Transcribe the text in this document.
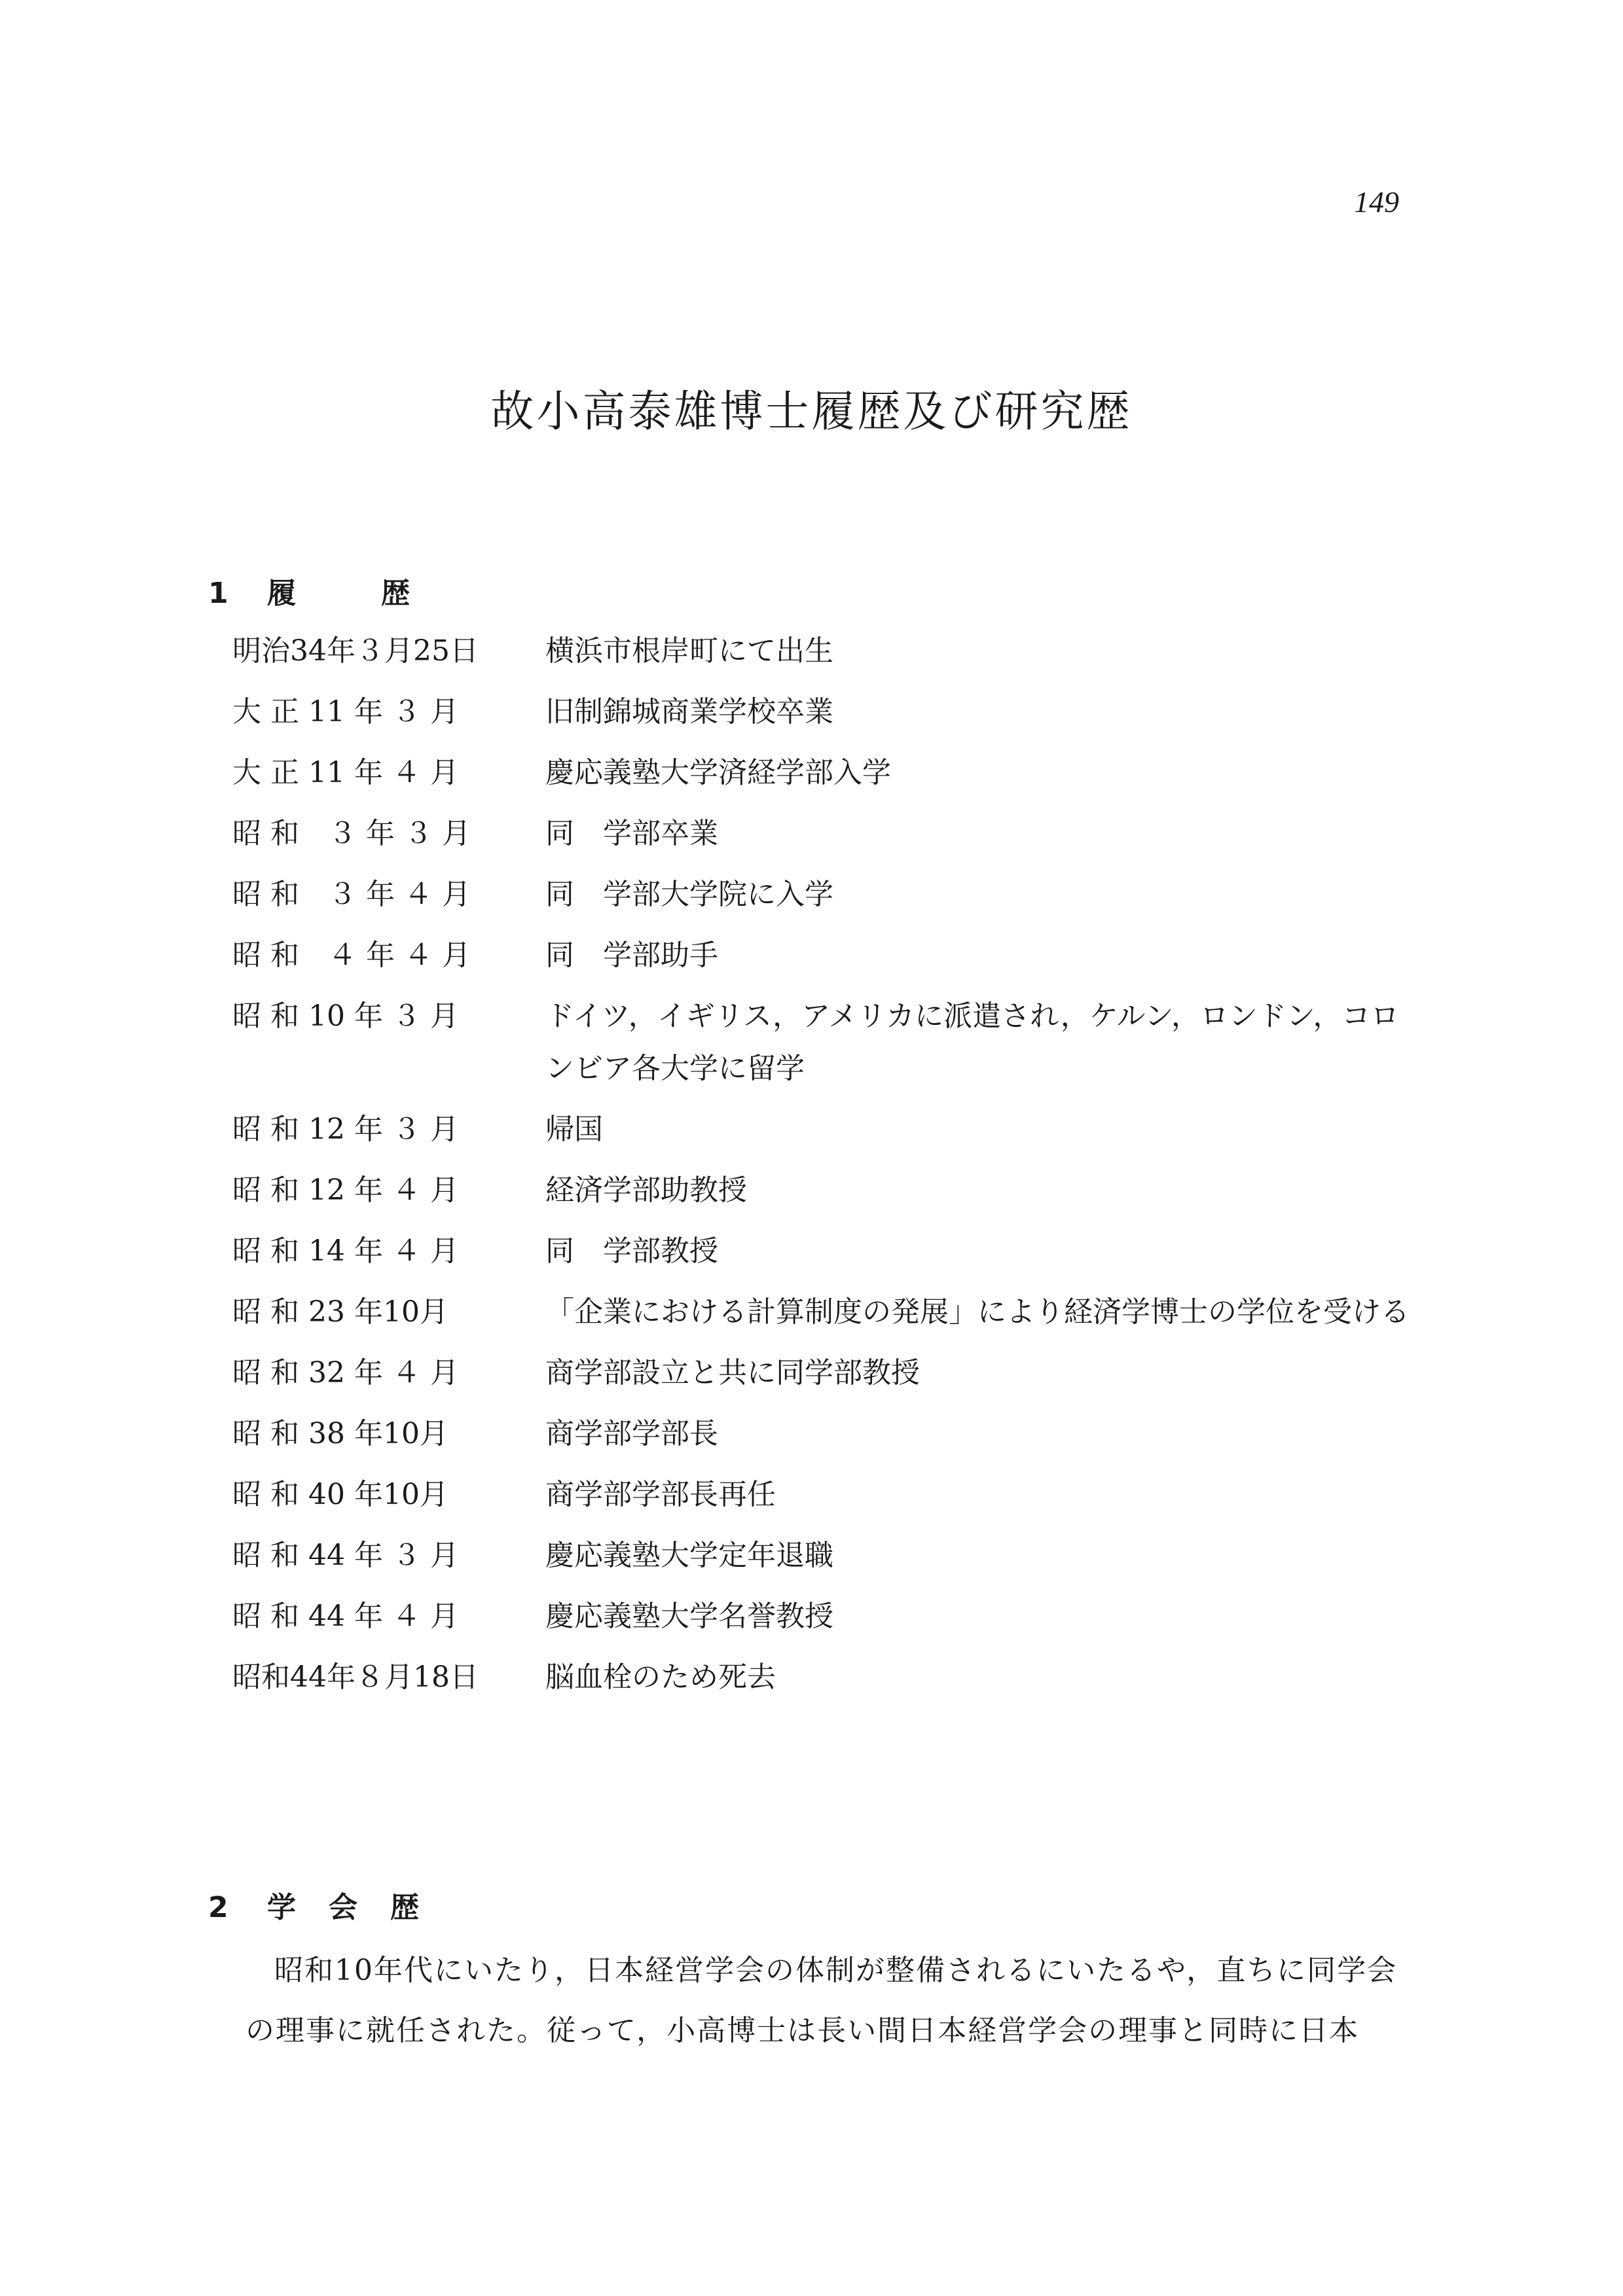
149
故小高泰雄博士履歴及び研究歴
1 履歴
明治34年３月25日	横浜市根岸町にて出生
大 正 11 年 ３ 月	旧制錦城商業学校卒業
大 正 11 年 ４ 月	慶応義塾大学済経学部入学
昭 和　３ 年 ３ 月	同　学部卒業
昭 和　３ 年 ４ 月	同　学部大学院に入学
昭 和　４ 年 ４ 月	同　学部助手
昭 和 10 年 ３ 月	ドイツ，イギリス，アメリカに派遣され，ケルン，ロンドン，コロンビア各大学に留学
昭 和 12 年 ３ 月	帰国
昭 和 12 年 ４ 月	経済学部助教授
昭 和 14 年 ４ 月	同　学部教授
昭 和 23 年10月	「企業における計算制度の発展」により経済学博士の学位を受ける
昭 和 32 年 ４ 月	商学部設立と共に同学部教授
昭 和 38 年10月	商学部学部長
昭 和 40 年10月	商学部学部長再任
昭 和 44 年 ３ 月	慶応義塾大学定年退職
昭 和 44 年 ４ 月	慶応義塾大学名誉教授
昭和44年８月18日	脳血栓のため死去
2 学会歴

昭和10年代にいたり，日本経営学会の体制が整備されるにいたるや，直ちに同学会の理事に就任された。従って，小高博士は長い間日本経営学会の理事と同時に日本
